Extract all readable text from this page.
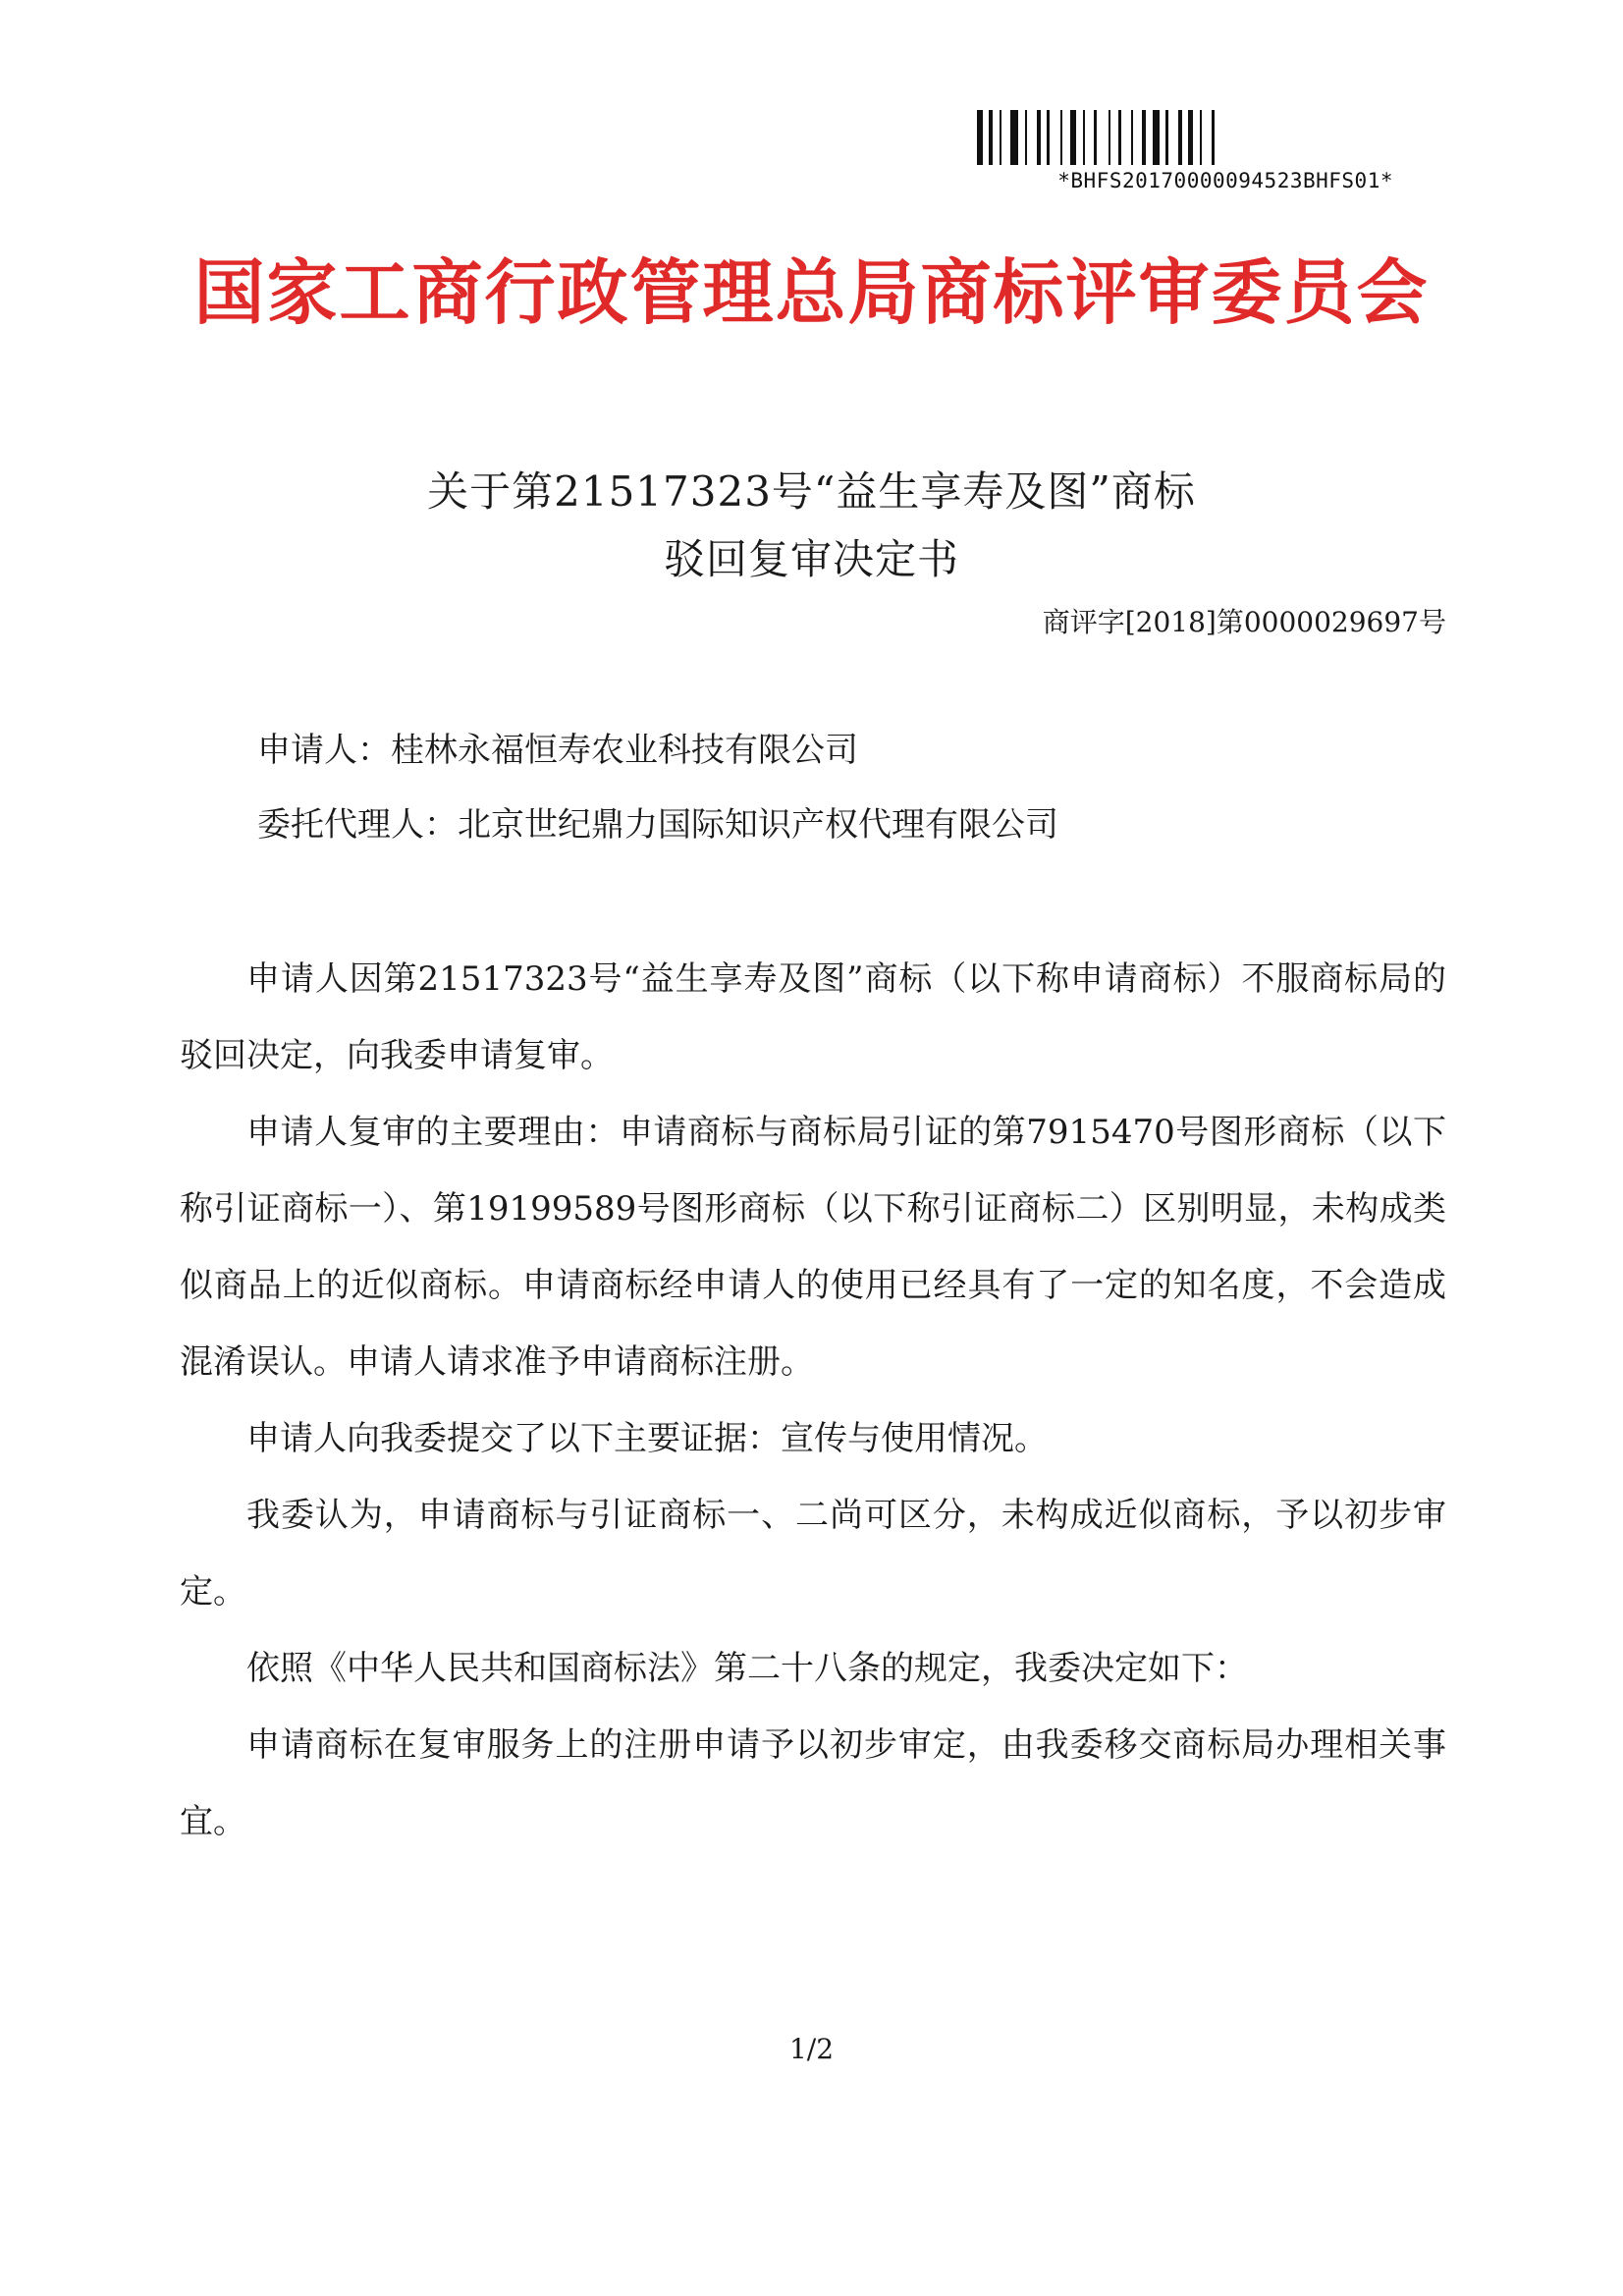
*BHFS20170000094523BHFS01*
国家工商行政管理总局商标评审委员会
关于第21517323号“益生享寿及图”商标
驳回复审决定书
商评字[2018]第0000029697号
申请人：桂林永福恒寿农业科技有限公司
委托代理人：北京世纪鼎力国际知识产权代理有限公司

申请人因第21517323号“益生享寿及图”商标（以下称申请商标）不服商标局的驳回决定，向我委申请复审。

申请人复审的主要理由：申请商标与商标局引证的第7915470号图形商标（以下称引证商标一）、第19199589号图形商标（以下称引证商标二）区别明显，未构成类似商品上的近似商标。申请商标经申请人的使用已经具有了一定的知名度，不会造成混淆误认。申请人请求准予申请商标注册。

申请人向我委提交了以下主要证据：宣传与使用情况。

我委认为，申请商标与引证商标一、二尚可区分，未构成近似商标，予以初步审定。

依照《中华人民共和国商标法》第二十八条的规定，我委决定如下：

申请商标在复审服务上的注册申请予以初步审定，由我委移交商标局办理相关事宜。

1/2
